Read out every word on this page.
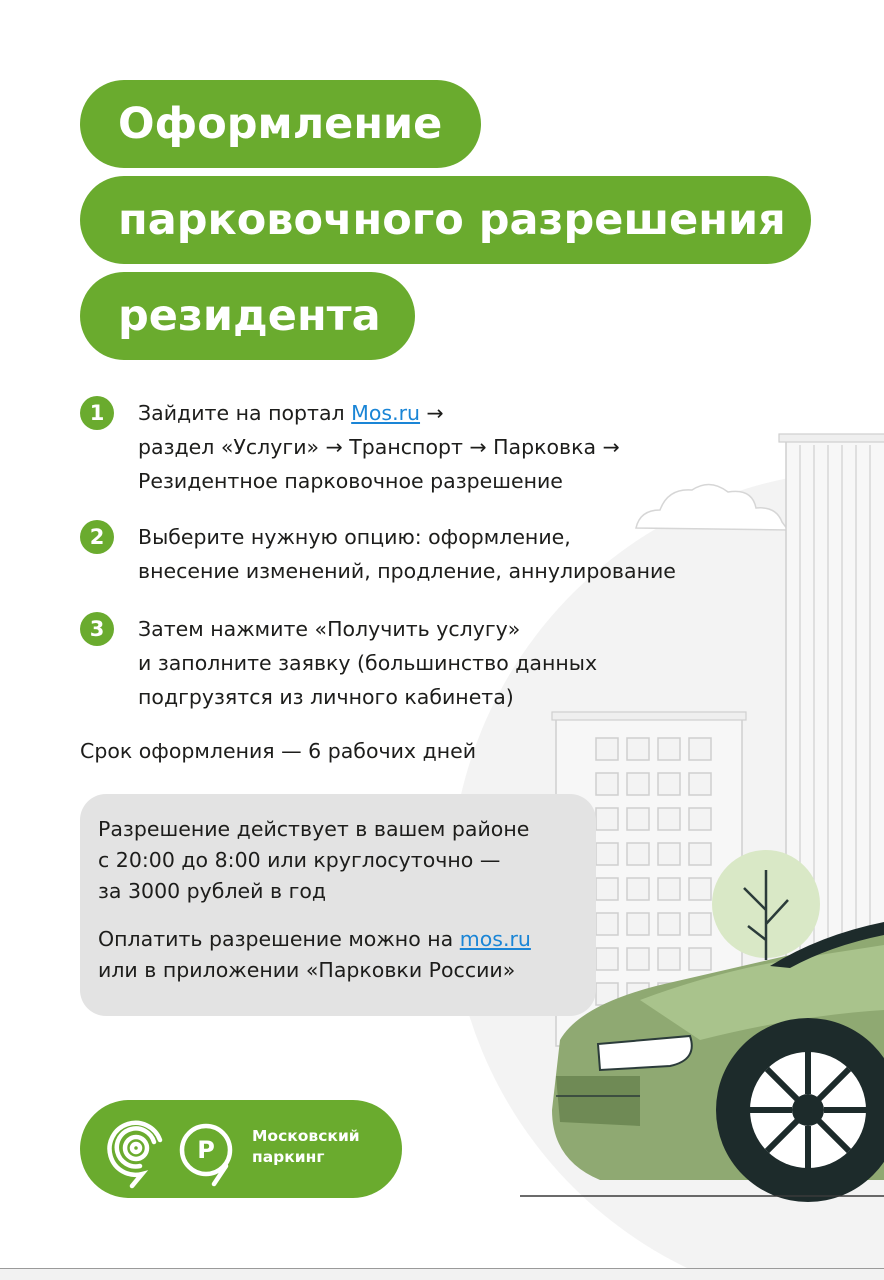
Оформление
парковочного разрешения
резидента
1	Зайдите на портал Mos.ru →
раздел «Услуги» → Транспорт → Парковка →
Резидентное парковочное разрешение
2	Выберите нужную опцию: оформление,
внесение изменений, продление, аннулирование
3	Затем нажмите «Получить услугу»
и заполните заявку (большинство данных
подгрузятся из личного кабинета)
Срок оформления — 6 рабочих дней
Разрешение действует в вашем районе
с 20:00 до 8:00 или круглосуточно —
за 3000 рублей в год
Оплатить разрешение можно на mos.ru
или в приложении «Парковки России»
P Московский
паркинг
